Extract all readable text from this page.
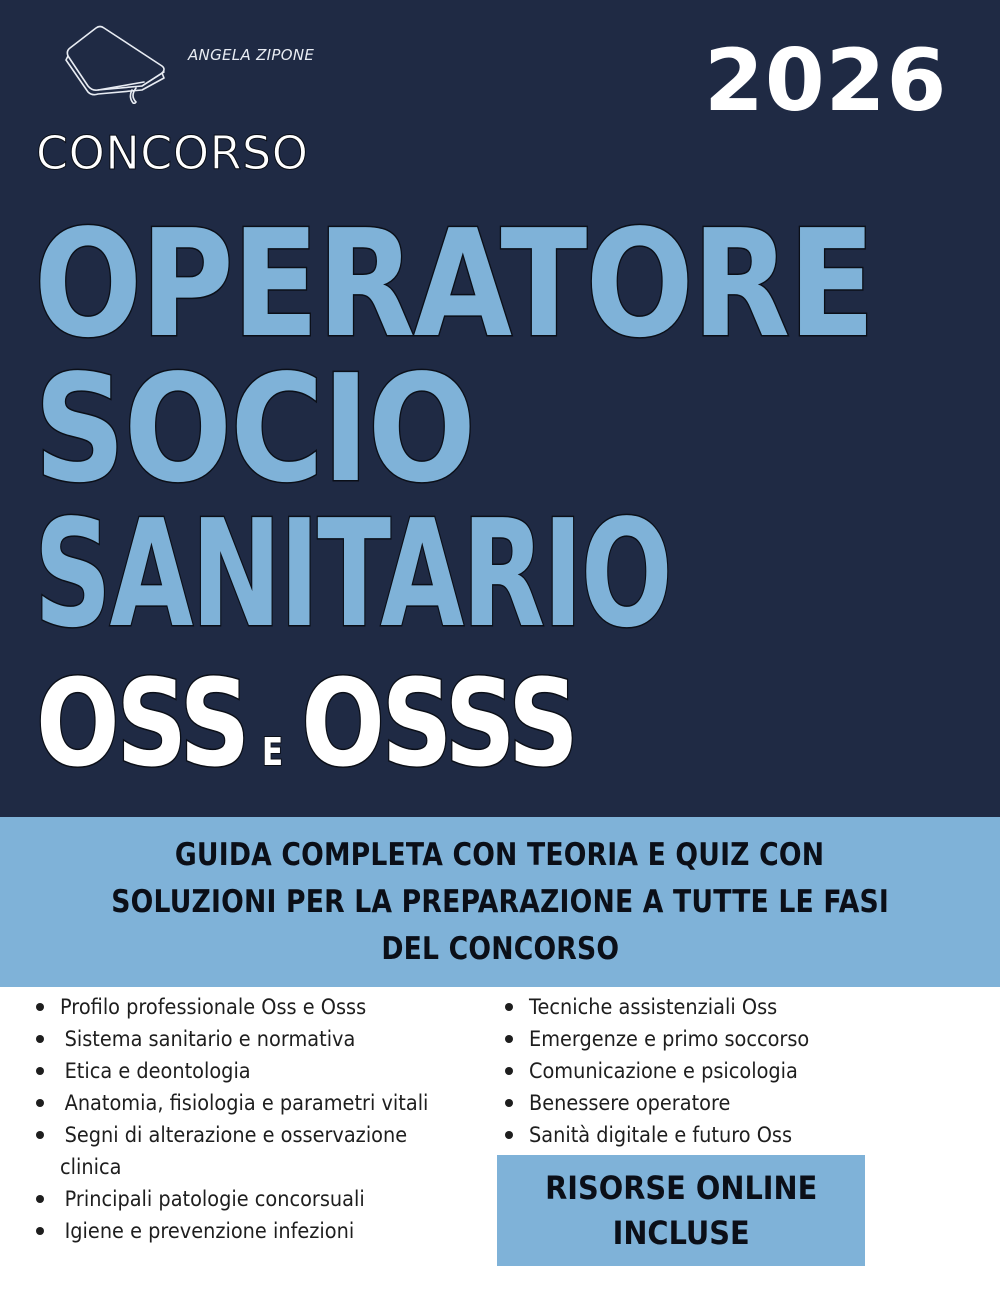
ANGELA ZIPONE	2026
CONCORSO
OPERATORE
SOCIO
SANITARIO
OSS E OSSS
GUIDA COMPLETA CON TEORIA E QUIZ CON
SOLUZIONI PER LA PREPARAZIONE A TUTTE LE FASI
DEL CONCORSO
Profilo professionale Oss e Osss
Sistema sanitario e normativa
Etica e deontologia
Anatomia, fisiologia e parametri vitali
Segni di alterazione e osservazione
clinica
Principali patologie concorsuali
Igiene e prevenzione infezioni
Tecniche assistenziali Oss
Emergenze e primo soccorso
Comunicazione e psicologia
Benessere operatore
Sanità digitale e futuro Oss
RISORSE ONLINE
INCLUSE
